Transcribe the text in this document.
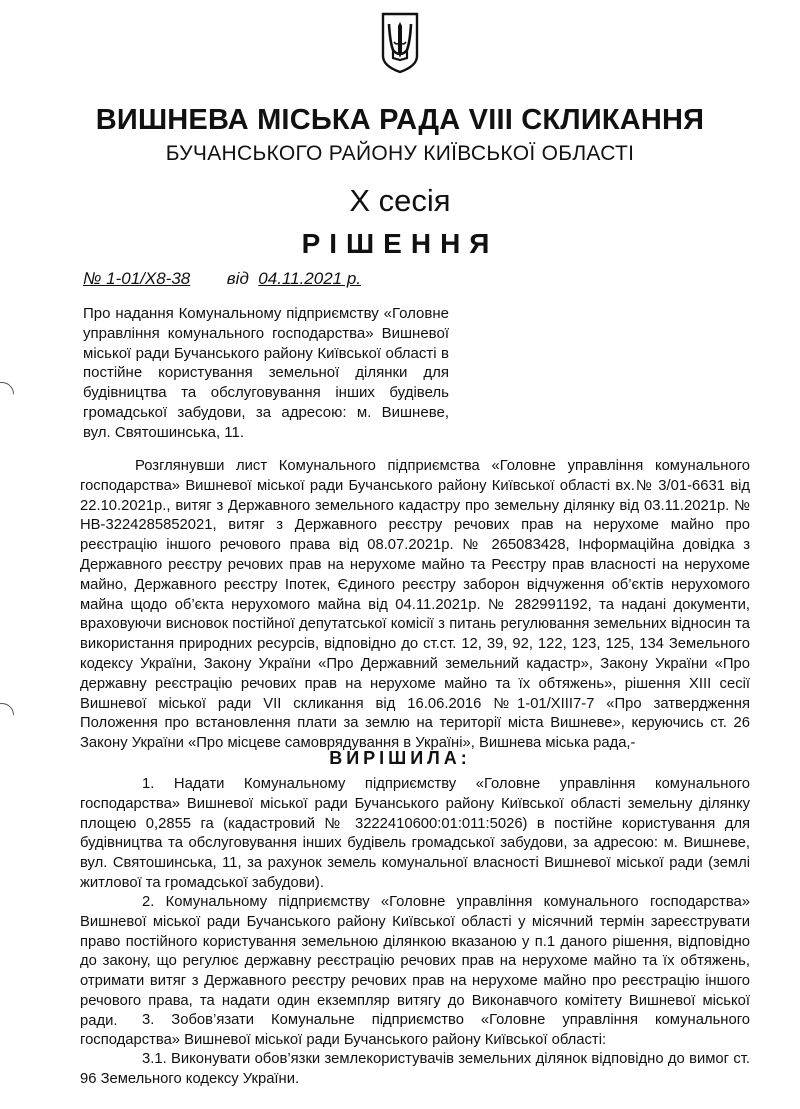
ВИШНЕВА МІСЬКА РАДА VIII СКЛИКАННЯ
БУЧАНСЬКОГО РАЙОНУ КИЇВСЬКОЇ ОБЛАСТІ
X сесія
РІШЕННЯ
№ 1-01/X8-38 від 04.11.2021 р.

Про надання Комунальному підприємству «Головне управління комунального господарства» Вишневої міської ради Бучанського району Київської області в постійне користування земельної ділянки для будівництва та обслуговування інших будівель громадської забудови, за адресою: м. Вишневе, вул. Святошинська, 11.

Розглянувши лист Комунального підприємства «Головне управління комунального господарства» Вишневої міської ради Бучанського району Київської області вх.№ 3/01-6631 від 22.10.2021р., витяг з Державного земельного кадастру про земельну ділянку від 03.11.2021р. № НВ-3224285852021, витяг з Державного реєстру речових прав на нерухоме майно про реєстрацію іншого речового права від 08.07.2021р. № 265083428, Інформаційна довідка з Державного реєстру речових прав на нерухоме майно та Реєстру прав власності на нерухоме майно, Державного реєстру Іпотек, Єдиного реєстру заборон відчуження об’єктів нерухомого майна щодо об’єкта нерухомого майна від 04.11.2021р. № 282991192, та надані документи, враховуючи висновок постійної депутатської комісії з питань регулювання земельних відносин та використання природних ресурсів, відповідно до ст.ст. 12, 39, 92, 122, 123, 125, 134 Земельного кодексу України, Закону України «Про Державний земельний кадастр», Закону України «Про державну реєстрацію речових прав на нерухоме майно та їх обтяжень», рішення XIII сесії Вишневої міської ради VII скликання від 16.06.2016 №1-01/XIII7-7 «Про затвердження Положення про встановлення плати за землю на території міста Вишневе», керуючись ст. 26 Закону України «Про місцеве самоврядування в Україні», Вишнева міська рада,-

ВИРІШИЛА:

1. Надати Комунальному підприємству «Головне управління комунального господарства» Вишневої міської ради Бучанського району Київської області земельну ділянку площею 0,2855 га (кадастровий № 3222410600:01:011:5026) в постійне користування для будівництва та обслуговування інших будівель громадської забудови, за адресою: м. Вишневе, вул. Святошинська, 11, за рахунок земель комунальної власності Вишневої міської ради (землі житлової та громадської забудови).

2. Комунальному підприємству «Головне управління комунального господарства» Вишневої міської ради Бучанського району Київської області у місячний термін зареєструвати право постійного користування земельною ділянкою вказаною у п.1 даного рішення, відповідно до закону, що регулює державну реєстрацію речових прав на нерухоме майно та їх обтяжень, отримати витяг з Державного реєстру речових прав на нерухоме майно про реєстрацію іншого речового права, та надати один екземпляр витягу до Виконавчого комітету Вишневої міської ради.	3. Зобов’язати Комунальне підприємство «Головне управління комунального господарства» Вишневої міської ради Бучанського району Київської області:

3.1. Виконувати обов’язки землекористувачів земельних ділянок відповідно до вимог ст. 96 Земельного кодексу України.
